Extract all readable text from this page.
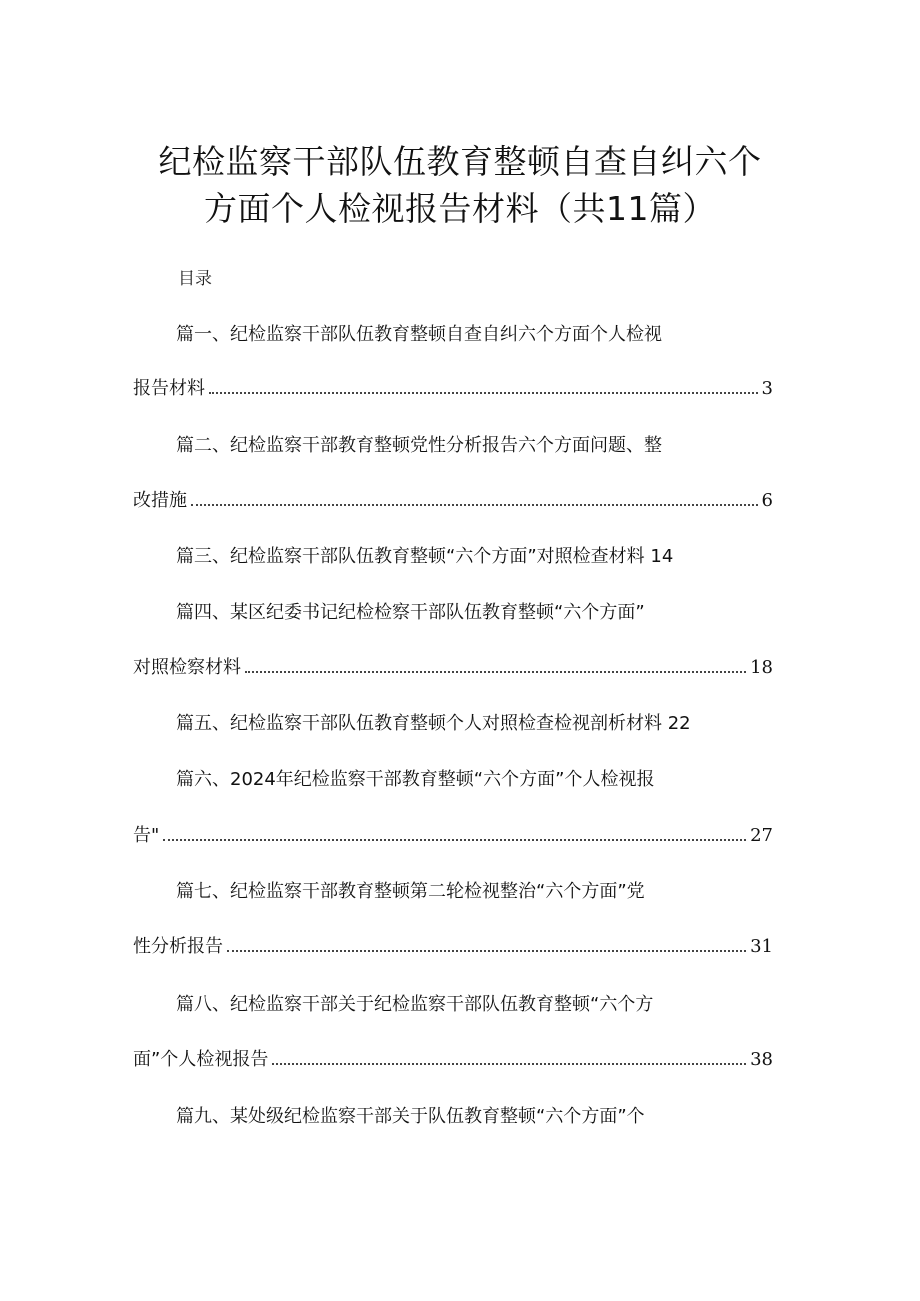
纪检监察干部队伍教育整顿自查自纠六个
方面个人检视报告材料（共11篇）
目录
篇一、纪检监察干部队伍教育整顿自查自纠六个方面个人检视
报告材料	3
篇二、纪检监察干部教育整顿党性分析报告六个方面问题、整
改措施	6
篇三、纪检监察干部队伍教育整顿“六个方面”对照检查材料 14
篇四、某区纪委书记纪检检察干部队伍教育整顿“六个方面”
对照检察材料	18
篇五、纪检监察干部队伍教育整顿个人对照检查检视剖析材料 22
篇六、2024年纪检监察干部教育整顿“六个方面”个人检视报
告"	27
篇七、纪检监察干部教育整顿第二轮检视整治“六个方面”党
性分析报告	31
篇八、纪检监察干部关于纪检监察干部队伍教育整顿“六个方
面”个人检视报告	38
篇九、某处级纪检监察干部关于队伍教育整顿“六个方面”个
